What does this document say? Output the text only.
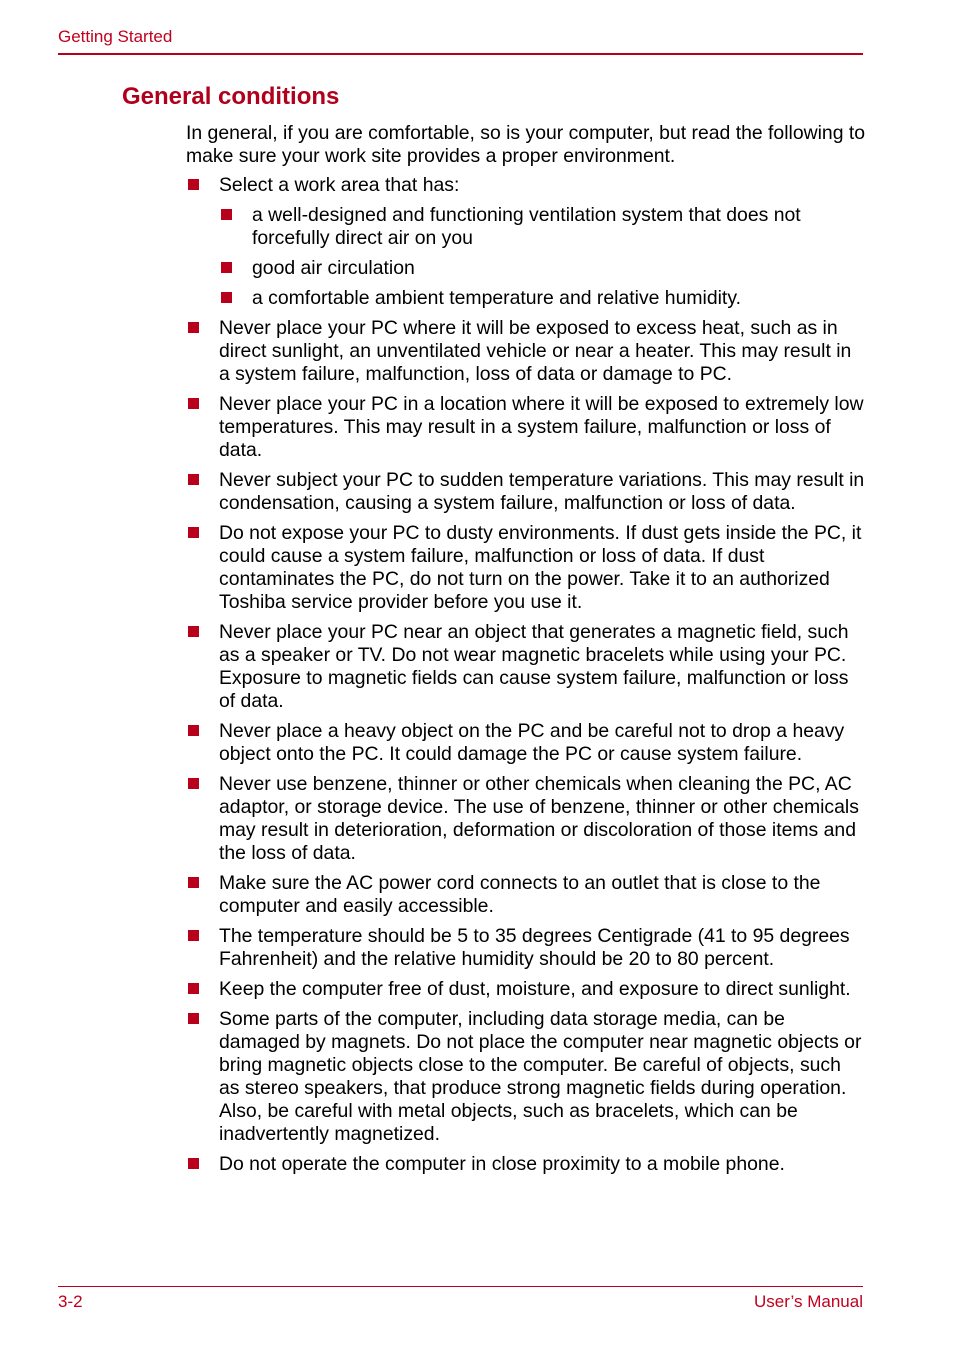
Getting Started
General conditions

In general, if you are comfortable, so is your computer, but read the following to make sure your work site provides a proper environment.

Select a work area that has:
a well-designed and functioning ventilation system that does not forcefully direct air on you
good air circulation
a comfortable ambient temperature and relative humidity.
Never place your PC where it will be exposed to excess heat, such as in direct sunlight, an unventilated vehicle or near a heater. This may result in a system failure, malfunction, loss of data or damage to PC.
Never place your PC in a location where it will be exposed to extremely low temperatures. This may result in a system failure, malfunction or loss of data.
Never subject your PC to sudden temperature variations. This may result in condensation, causing a system failure, malfunction or loss of data.
Do not expose your PC to dusty environments. If dust gets inside the PC, it could cause a system failure, malfunction or loss of data. If dust contaminates the PC, do not turn on the power. Take it to an authorized Toshiba service provider before you use it.
Never place your PC near an object that generates a magnetic field, such as a speaker or TV. Do not wear magnetic bracelets while using your PC. Exposure to magnetic fields can cause system failure, malfunction or loss of data.
Never place a heavy object on the PC and be careful not to drop a heavy object onto the PC. It could damage the PC or cause system failure.
Never use benzene, thinner or other chemicals when cleaning the PC, AC adaptor, or storage device. The use of benzene, thinner or other chemicals may result in deterioration, deformation or discoloration of those items and the loss of data.
Make sure the AC power cord connects to an outlet that is close to the computer and easily accessible.
The temperature should be 5 to 35 degrees Centigrade (41 to 95 degrees Fahrenheit) and the relative humidity should be 20 to 80 percent.
Keep the computer free of dust, moisture, and exposure to direct sunlight.
Some parts of the computer, including data storage media, can be damaged by magnets. Do not place the computer near magnetic objects or bring magnetic objects close to the computer. Be careful of objects, such as stereo speakers, that produce strong magnetic fields during operation. Also, be careful with metal objects, such as bracelets, which can be inadvertently magnetized.
Do not operate the computer in close proximity to a mobile phone.
3-2	User’s Manual
